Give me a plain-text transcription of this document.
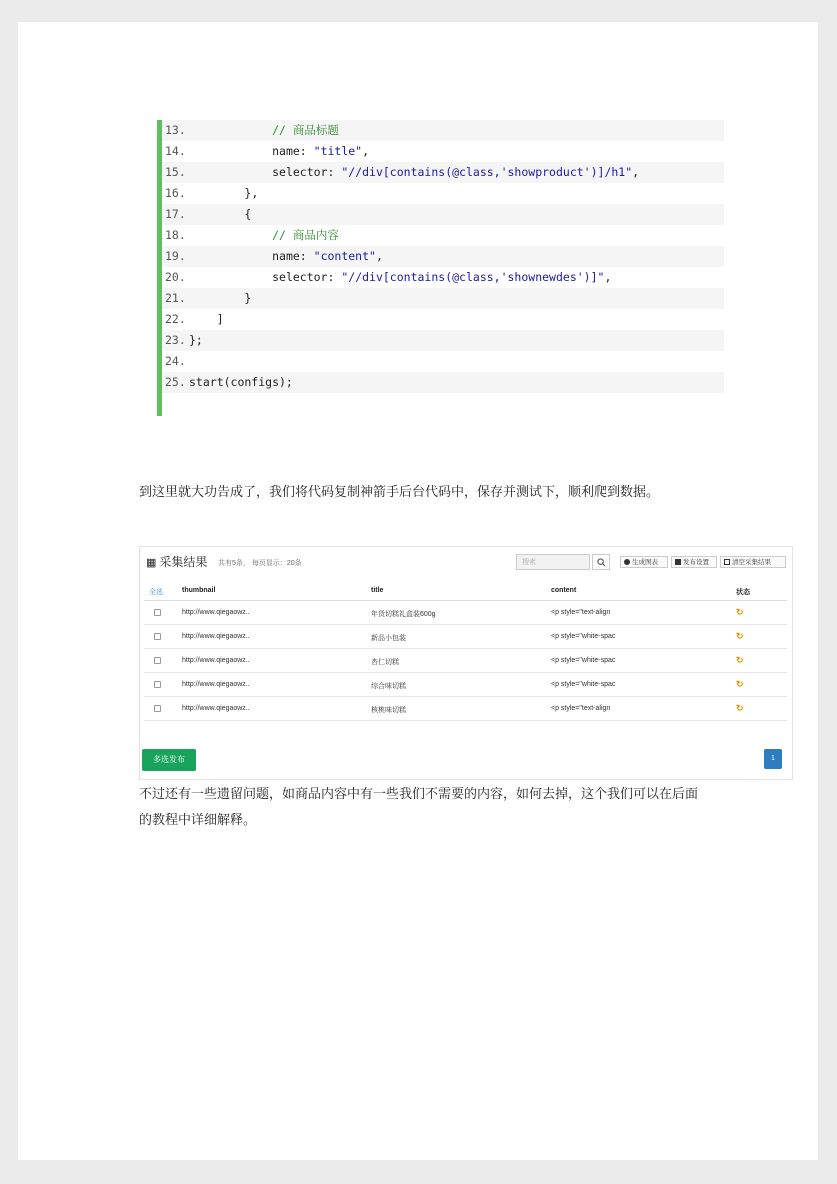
13.	// 商品标题
14.	name: "title",
15.	selector: "//div[contains(@class,'showproduct')]/h1",
16.	},
17.	{
18.	// 商品内容
19.	name: "content",
20.	selector: "//div[contains(@class,'shownewdes')]",
21.	}
22.	]
23. };
24.
25. start(configs);
到这里就大功告成了，我们将代码复制神箭手后台代码中，保存并测试下，顺利爬到数据。
▦ 采集结果 共有5条， 每页显示：20条	搜索	生成图表	发布设置	清空采集结果
全选	thumbnail	title	content	状态
http://www.qiegaowz..	年货切糕礼盒装600g	<p style="text-align	↻
http://www.qiegaowz..	新品小包装	<p style="white-spac	↻
http://www.qiegaowz..	杏仁切糕	<p style="white-spac	↻
http://www.qiegaowz..	综合味切糕	<p style="white-spac	↻
http://www.qiegaowz..	核桃味切糕	<p style="text-align	↻
多选发布	1
不过还有一些遗留问题，如商品内容中有一些我们不需要的内容，如何去掉，这个我们可以在后面的教程中详细解释。
